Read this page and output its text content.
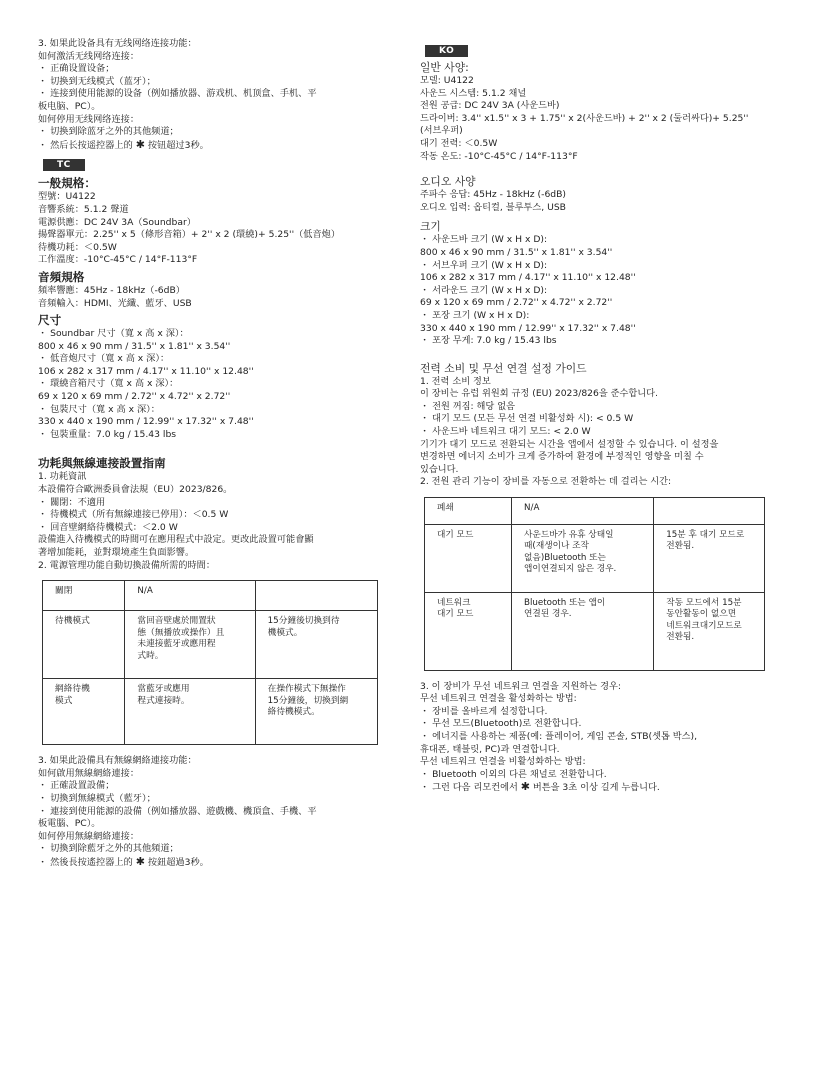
3. 如果此设备具有无线网络连接功能：
如何激活无线网络连接：
・ 正确设置设备；
・ 切换到无线模式（蓝牙）；
・ 连接到使用能源的设备（例如播放器、游戏机、机顶盒、手机、平
板电脑、PC）。
如何停用无线网络连接：
・ 切换到除蓝牙之外的其他频道；
・ 然后长按遥控器上的 ✱ 按钮超过3秒。
TC
一般規格：
型號：U4122
音響系統：5.1.2 聲道
電源供應：DC 24V 3A（Soundbar）
揚聲器單元：2.25'' x 5（條形音箱）+ 2'' x 2 (環繞)+ 5.25''（低音炮）
待機功耗：＜0.5W
工作溫度：-10°C-45°C / 14°F-113°F
音頻規格
頻率響應：45Hz - 18kHz（-6dB）
音頻輸入：HDMI、光纖、藍牙、USB
尺寸
・ Soundbar 尺寸（寬 x 高 x 深）：
800 x 46 x 90 mm / 31.5'' x 1.81'' x 3.54''
・ 低音炮尺寸（寬 x 高 x 深）：
106 x 282 x 317 mm / 4.17'' x 11.10'' x 12.48''
・ 環繞音箱尺寸（寬 x 高 x 深）：
69 x 120 x 69 mm / 2.72'' x 4.72'' x 2.72''
・ 包裝尺寸（寬 x 高 x 深）：
330 x 440 x 190 mm / 12.99'' x 17.32'' x 7.48''
・ 包裝重量：7.0 kg / 15.43 lbs
功耗與無線連接設置指南
1. 功耗資訊
本設備符合歐洲委員會法規（EU）2023/826。
・ 關閉：不適用
・ 待機模式（所有無線連接已停用）：＜0.5 W
・ 回音壁網絡待機模式：＜2.0 W
設備進入待機模式的時間可在應用程式中設定。更改此設置可能會顯
著增加能耗，並對環境產生負面影響。
2. 電源管理功能自動切換設備所需的時間：
關閉	N/A	
待機模式	當回音壁處於閒置狀
態（無播放或操作）且
未連接藍牙或應用程
式時。	15分鐘後切換到待
機模式。
網絡待機
模式	當藍牙或應用
程式連接時。	在操作模式下無操作
15分鐘後，切換到網
絡待機模式。
3. 如果此設備具有無線網絡連接功能：
如何啟用無線網絡連接：
・ 正確設置設備；
・ 切換到無線模式（藍牙）；
・ 連接到使用能源的設備（例如播放器、遊戲機、機頂盒、手機、平
板電腦、PC）。
如何停用無線網絡連接：
・ 切換到除藍牙之外的其他頻道；
・ 然後長按遙控器上的 ✱ 按鈕超過3秒。
KO
일반 사양:
모델: U4122
사운드 시스템: 5.1.2 채널
전원 공급: DC 24V 3A (사운드바)
드라이버: 3.4'' x1.5'' x 3 + 1.75'' x 2(사운드바) + 2'' x 2 (둘러싸다)+ 5.25''
(서브우퍼)
대기 전력: ＜0.5W
작동 온도: -10°C-45°C / 14°F-113°F
오디오 사양
주파수 응답: 45Hz - 18kHz (-6dB)
오디오 입력: 옵티컬, 블루투스, USB
크기
・ 사운드바 크기 (W x H x D):
800 x 46 x 90 mm / 31.5'' x 1.81'' x 3.54''
・ 서브우퍼 크기 (W x H x D):
106 x 282 x 317 mm / 4.17'' x 11.10'' x 12.48''
・ 서라운드 크기 (W x H x D):
69 x 120 x 69 mm / 2.72'' x 4.72'' x 2.72''
・ 포장 크기 (W x H x D):
330 x 440 x 190 mm / 12.99'' x 17.32'' x 7.48''
・ 포장 무게: 7.0 kg / 15.43 lbs
전력 소비 및 무선 연결 설정 가이드
1. 전력 소비 정보
이 장비는 유럽 위원회 규정 (EU) 2023/826을 준수합니다.
・ 전원 꺼짐: 해당 없음
・ 대기 모드 (모든 무선 연결 비활성화 시): < 0.5 W
・ 사운드바 네트워크 대기 모드: < 2.0 W
기기가 대기 모드로 전환되는 시간을 앱에서 설정할 수 있습니다. 이 설정을
변경하면 에너지 소비가 크게 증가하여 환경에 부정적인 영향을 미칠 수
있습니다.
2. 전원 관리 기능이 장비를 자동으로 전환하는 데 걸리는 시간:
폐쇄	N/A	
대기 모드	사운드바가 유휴 상태일
때(재생이나 조작
없음)Bluetooth 또는
앱이연결되지 않은 경우.	15분 후 대기 모드로
전환됨.
네트워크
대기 모드	Bluetooth 또는 앱이
연결된 경우.	작동 모드에서 15분
동안활동이 없으면
네트워크대기모드로
전환됨.
3. 이 장비가 무선 네트워크 연결을 지원하는 경우:
무선 네트워크 연결을 활성화하는 방법:
・ 장비를 올바르게 설정합니다.
・ 무선 모드(Bluetooth)로 전환합니다.
・ 에너지를 사용하는 제품(예: 플레이어, 게임 콘솔, STB(셋톱 박스),
휴대폰, 태블릿, PC)과 연결합니다.
무선 네트워크 연결을 비활성화하는 방법:
・ Bluetooth 이외의 다른 채널로 전환합니다.
・ 그런 다음 리모컨에서 ✱ 버튼을 3초 이상 길게 누릅니다.
